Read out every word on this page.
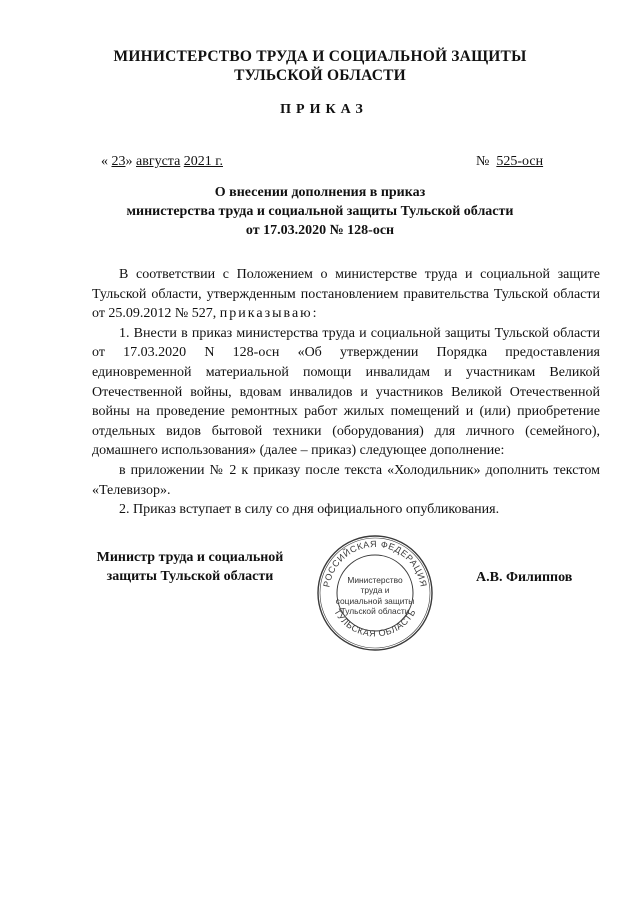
МИНИСТЕРСТВО ТРУДА И СОЦИАЛЬНОЙ ЗАЩИТЫ
ТУЛЬСКОЙ ОБЛАСТИ
ПРИКАЗ
« 23» августа 2021 г.	№ 525-осн
О внесении дополнения в приказ
министерства труда и социальной защиты Тульской области
от 17.03.2020 № 128-осн

В соответствии с Положением о министерстве труда и социальной защите Тульской области, утвержденным постановлением правительства Тульской области от 25.09.2012 № 527, приказываю:

1. Внести в приказ министерства труда и социальной защиты Тульской области от 17.03.2020 N 128-осн «Об утверждении Порядка предоставления единовременной материальной помощи инвалидам и участникам Великой Отечественной войны, вдовам инвалидов и участников Великой Отечественной войны на проведение ремонтных работ жилых помещений и (или) приобретение отдельных видов бытовой техники (оборудования) для личного (семейного), домашнего использования» (далее – приказ) следующее дополнение:

в приложении № 2 к приказу после текста «Холодильник» дополнить текстом «Телевизор».

2. Приказ вступает в силу со дня официального опубликования.

Министр труда и социальной
защиты Тульской области	РОССИЙСКАЯ ФЕДЕРАЦИЯ
ТУЛЬСКАЯ ОБЛАСТЬ
Министерство
труда и
социальной защиты
Тульской области
А.В. Филиппов
